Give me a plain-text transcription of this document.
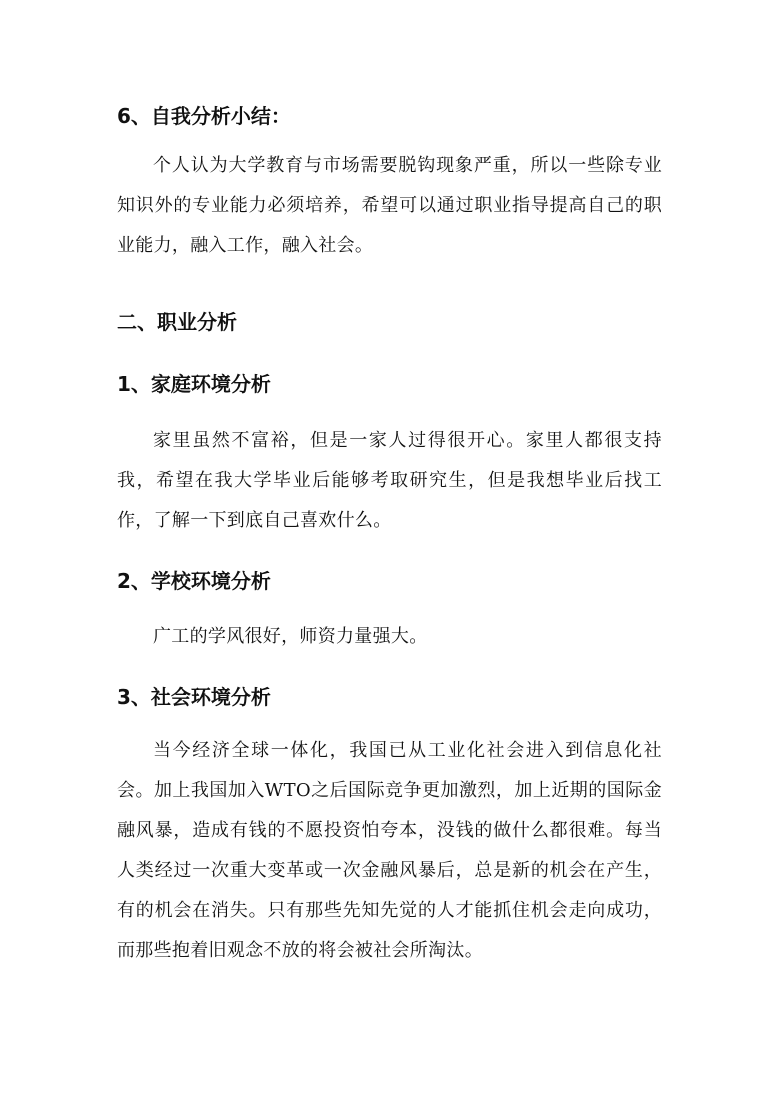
6、自我分析小结：

个人认为大学教育与市场需要脱钩现象严重，所以一些除专业知识外的专业能力必须培养，希望可以通过职业指导提高自己的职业能力，融入工作，融入社会。

二、职业分析
1、家庭环境分析

家里虽然不富裕，但是一家人过得很开心。家里人都很支持我，希望在我大学毕业后能够考取研究生，但是我想毕业后找工作，了解一下到底自己喜欢什么。

2、学校环境分析

广工的学风很好，师资力量强大。

3、社会环境分析

当今经济全球一体化，我国已从工业化社会进入到信息化社会。加上我国加入WTO之后国际竞争更加激烈，加上近期的国际金融风暴，造成有钱的不愿投资怕夸本，没钱的做什么都很难。每当人类经过一次重大变革或一次金融风暴后，总是新的机会在产生，有的机会在消失。只有那些先知先觉的人才能抓住机会走向成功，而那些抱着旧观念不放的将会被社会所淘汰。
